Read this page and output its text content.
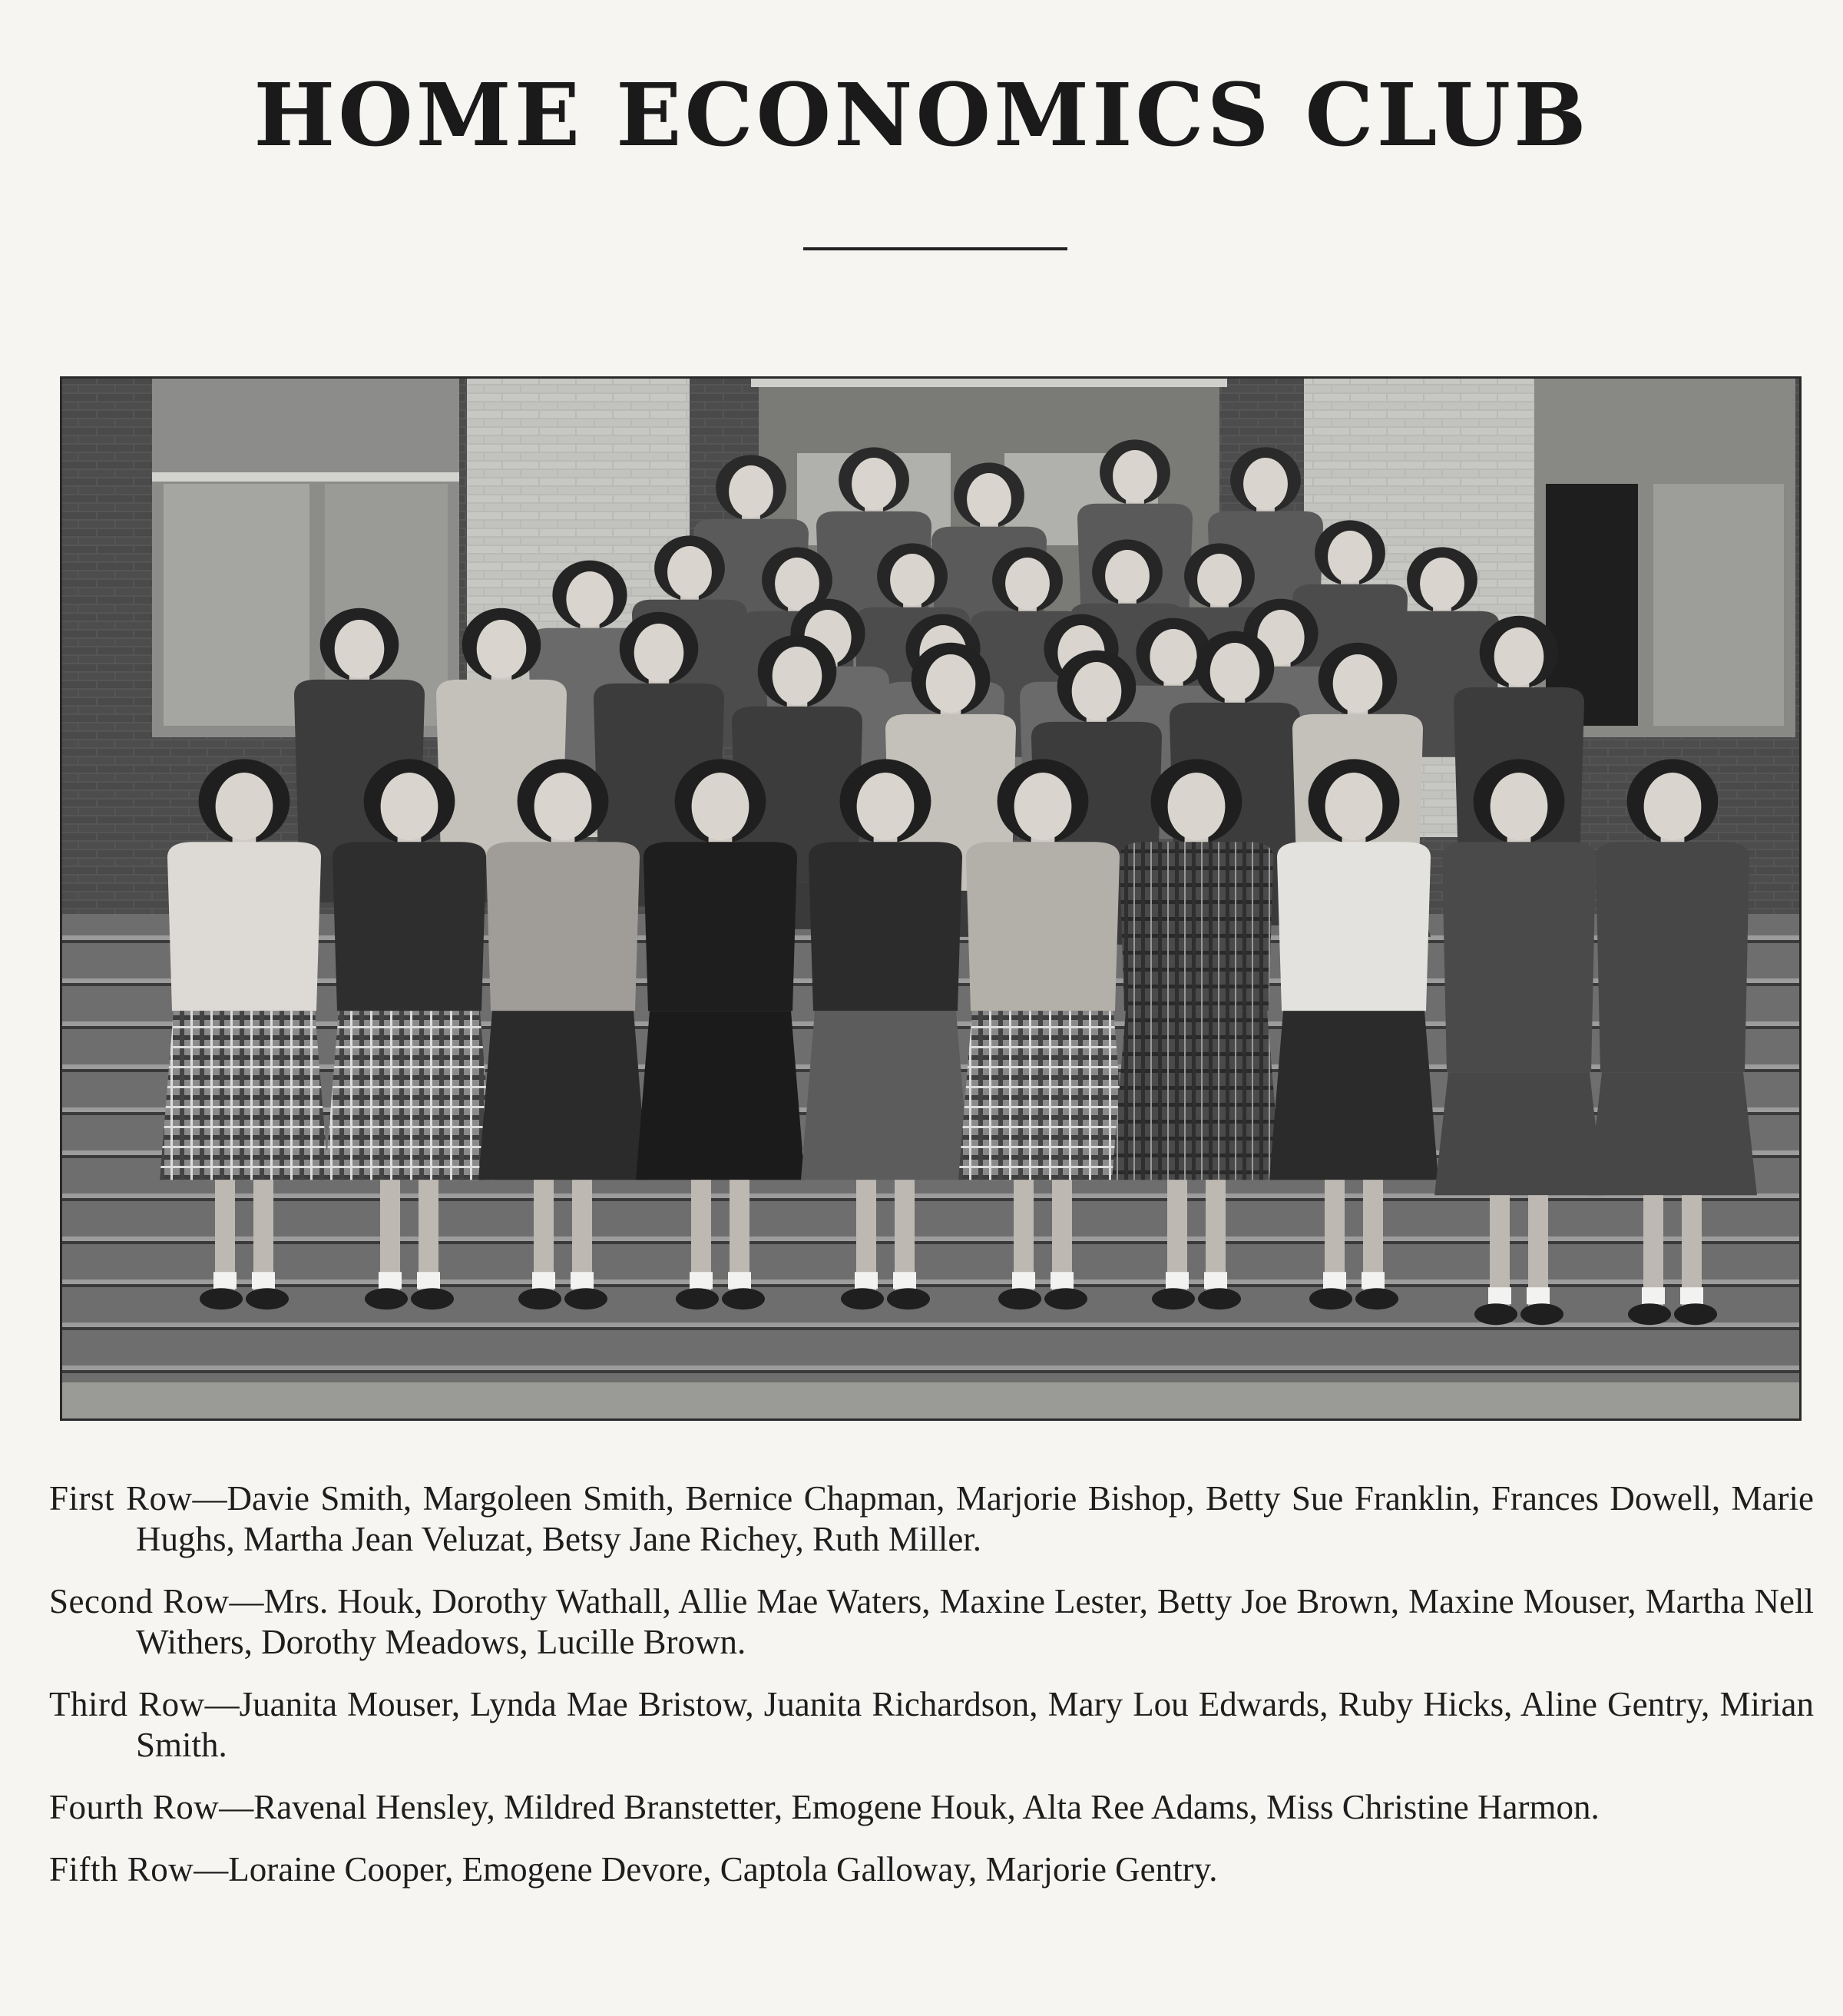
HOME ECONOMICS CLUB

First Row—Davie Smith, Margoleen Smith, Bernice Chapman, Marjorie Bishop, Betty Sue Franklin, Frances Dowell, Marie Hughs, Martha Jean Veluzat, Betsy Jane Richey, Ruth Miller.

Second Row—Mrs. Houk, Dorothy Wathall, Allie Mae Waters, Maxine Lester, Betty Joe Brown, Maxine Mouser, Martha Nell Withers, Dorothy Meadows, Lucille Brown.

Third Row—Juanita Mouser, Lynda Mae Bristow, Juanita Richardson, Mary Lou Edwards, Ruby Hicks, Aline Gentry, Mirian Smith.

Fourth Row—Ravenal Hensley, Mildred Branstetter, Emogene Houk, Alta Ree Adams, Miss Christine Harmon.

Fifth Row—Loraine Cooper, Emogene Devore, Captola Galloway, Marjorie Gentry.
